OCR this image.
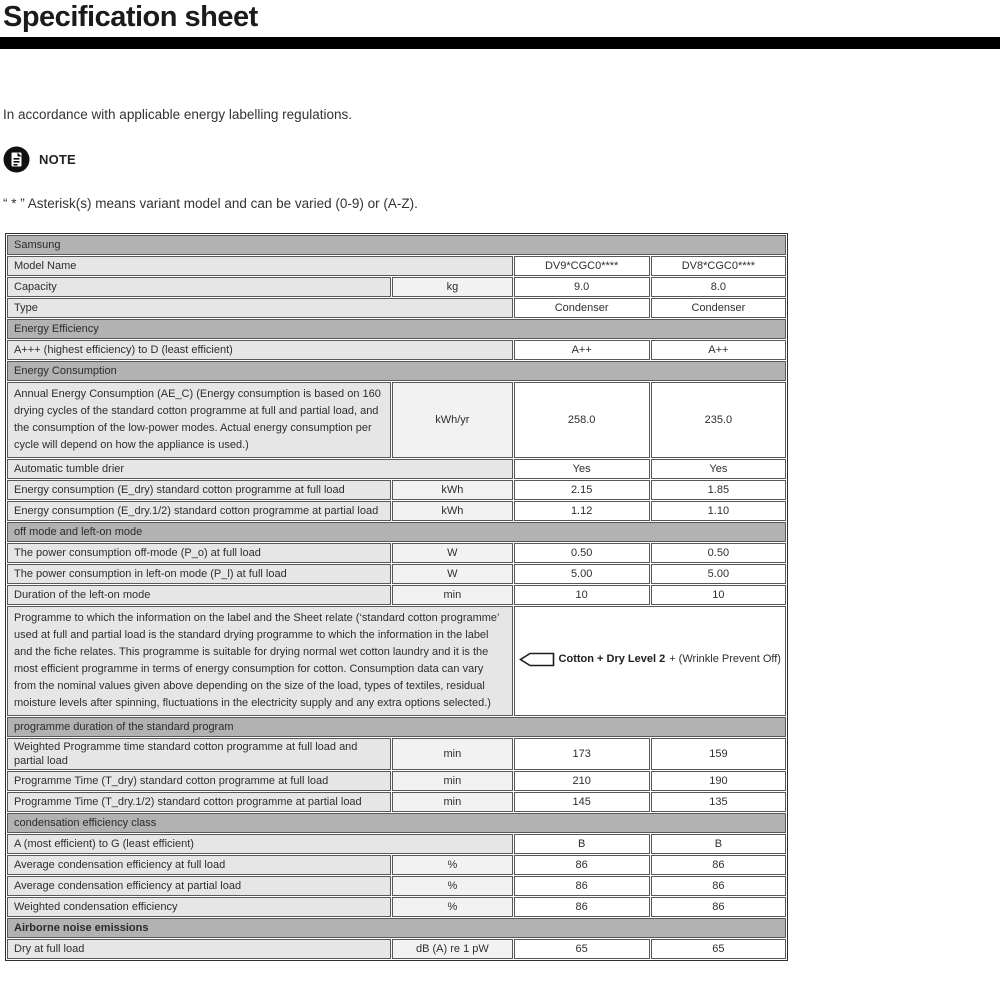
Specification sheet
In accordance with applicable energy labelling regulations.
NOTE
“ * ” Asterisk(s) means variant model and can be varied (0-9) or (A-Z).
Samsung			
Model Name		DV9*CGC0****	DV8*CGC0****
Capacity	kg	9.0	8.0
Type		Condenser	Condenser
Energy Efficiency			
A+++ (highest efficiency) to D (least efficient)		A++	A++
Energy Consumption			
Annual Energy Consumption (AE_C) (Energy consumption is based on 160 drying cycles of the standard cotton programme at full and partial load, and the consumption of the low-power modes. Actual energy consumption per cycle will depend on how the appliance is used.)	kWh/yr	258.0	235.0
Automatic tumble drier		Yes	Yes
Energy consumption (E_dry) standard cotton programme at full load	kWh	2.15	1.85
Energy consumption (E_dry.1/2) standard cotton programme at partial load	kWh	1.12	1.10
off mode and left-on mode			
The power consumption off-mode (P_o) at full load	W	0.50	0.50
The power consumption in left-on mode (P_l) at full load	W	5.00	5.00
Duration of the left-on mode	min	10	10
Programme to which the information on the label and the Sheet relate (‘standard cotton programme’ used at full and partial load is the standard drying programme to which the information in the label and the fiche relates. This programme is suitable for drying normal wet cotton laundry and it is the most efficient programme in terms of energy consumption for cotton. Consumption data can vary from the nominal values given above depending on the size of the load, types of textiles, residual moisture levels after spinning, fluctuations in the electricity supply and any extra options selected.)		Cotton + Dry Level 2 + (Wrinkle Prevent Off)	

programme duration of the standard program			
Weighted Programme time standard cotton programme at full load and partial load	min	173	159
Programme Time (T_dry) standard cotton programme at full load	min	210	190
Programme Time (T_dry.1/2) standard cotton programme at partial load	min	145	135
condensation efficiency class			
A (most efficient) to G (least efficient)		B	B
Average condensation efficiency at full load	%	86	86
Average condensation efficiency at partial load	%	86	86
Weighted condensation efficiency	%	86	86
Airborne noise emissions			
Dry at full load	dB (A) re 1 pW	65	65
